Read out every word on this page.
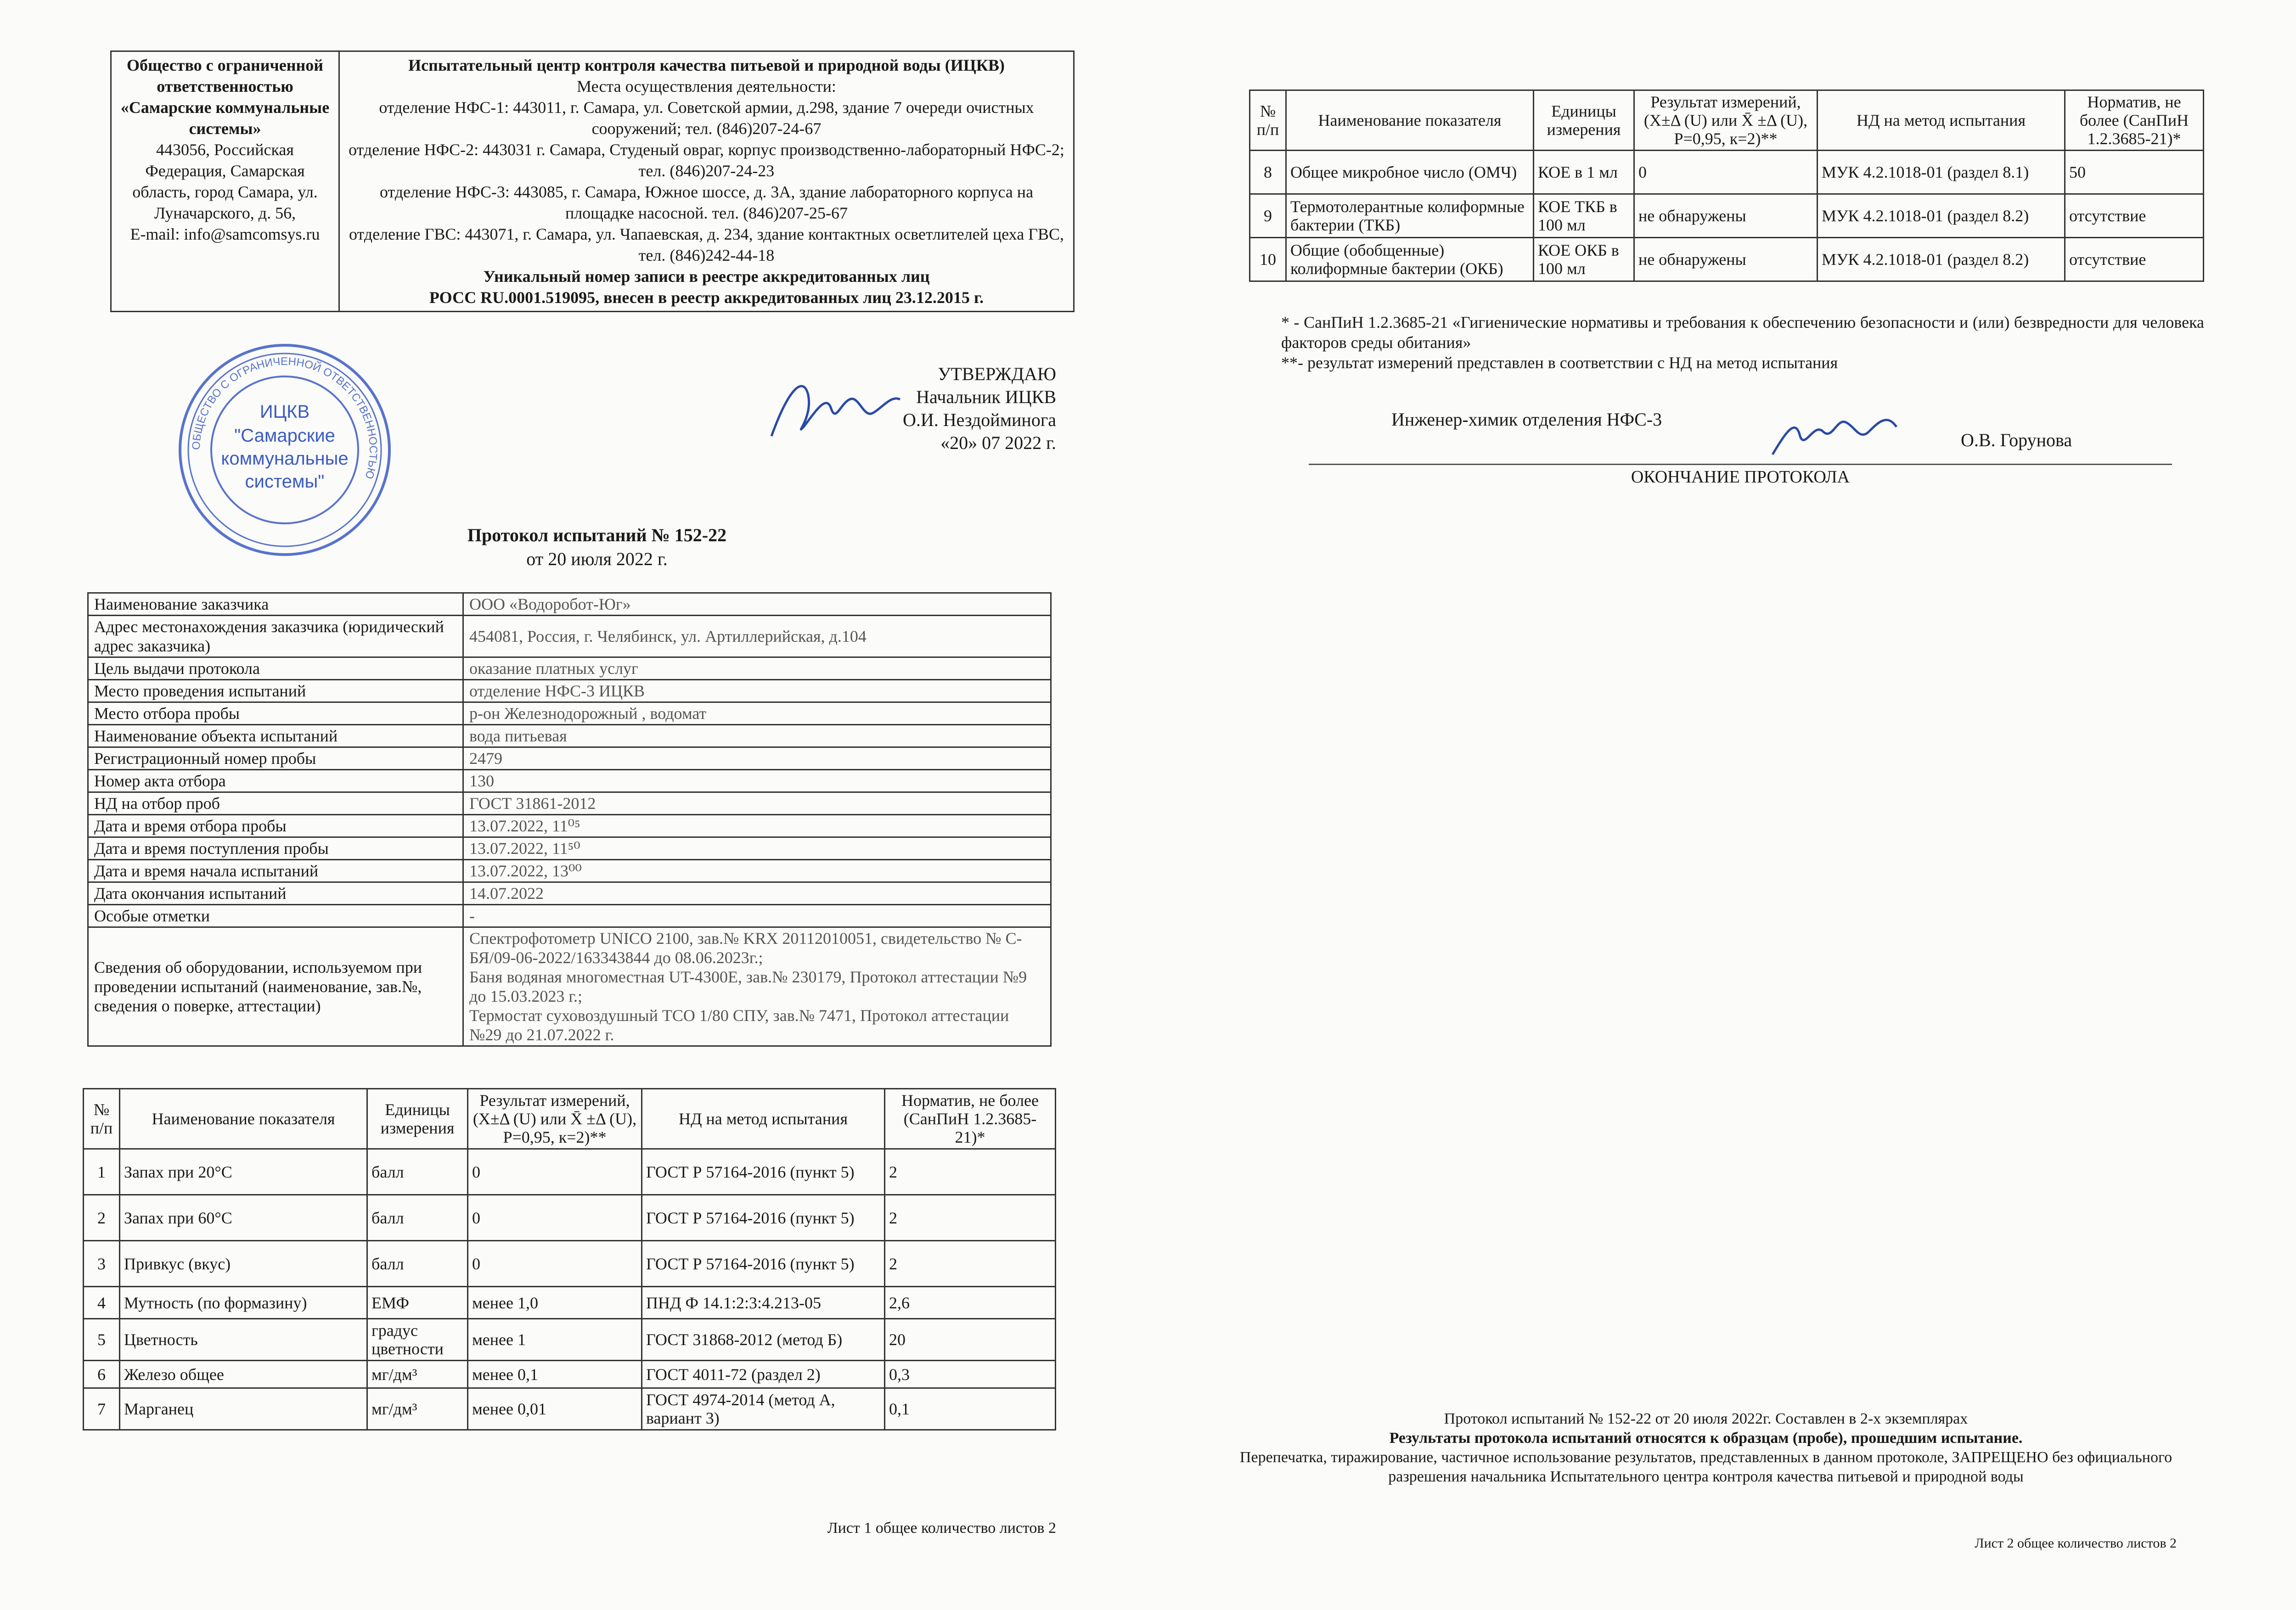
Общество с ограниченной ответственностью «Самарские коммунальные системы»
443056, Российская Федерация, Самарская область, город Самара, ул. Луначарского, д. 56,
E-mail: info@samcomsys.ru

Испытательный центр контроля качества питьевой и природной воды (ИЦКВ)
Места осуществления деятельности:
отделение НФС-1: 443011, г. Самара, ул. Советской армии, д.298, здание 7 очереди очистных сооружений; тел. (846)207-24-67
отделение НФС-2: 443031 г. Самара, Студеный овраг, корпус производственно-лабораторный НФС-2; тел. (846)207-24-23
отделение НФС-3: 443085, г. Самара, Южное шоссе, д. 3А, здание лабораторного корпуса на площадке насосной. тел. (846)207-25-67
отделение ГВС: 443071, г. Самара, ул. Чапаевская, д. 234, здание контактных осветлителей цеха ГВС, тел. (846)242-44-18
Уникальный номер записи в реестре аккредитованных лиц
РОСС RU.0001.519095, внесен в реестр аккредитованных лиц 23.12.2015 г.
ОБЩЕСТВО С ОГРАНИЧЕННОЙ ОТВЕТСТВЕННОСТЬЮ
ИЦКВ
"Самарские
коммунальные
системы"
УТВЕРЖДАЮ
Начальник ИЦКВ
О.И. Нездойминога
«20» 07 2022 г.
Протокол испытаний № 152-22
от 20 июля 2022 г.
Наименование заказчика	ООО «Водоробот-Юг»
Адрес местонахождения заказчика (юридический адрес заказчика)	454081, Россия, г. Челябинск, ул. Артиллерийская, д.104
Цель выдачи протокола	оказание платных услуг
Место проведения испытаний	отделение НФС-3 ИЦКВ
Место отбора пробы	р-он Железнодорожный , водомат
Наименование объекта испытаний	вода питьевая
Регистрационный номер пробы	2479
Номер акта отбора	130
НД на отбор проб	ГОСТ 31861-2012
Дата и время отбора пробы	13.07.2022, 11⁰⁵
Дата и время поступления пробы	13.07.2022, 11⁵⁰
Дата и время начала испытаний	13.07.2022, 13⁰⁰
Дата окончания испытаний	14.07.2022
Особые отметки	-
Сведения об оборудовании, используемом при проведении испытаний (наименование, зав.№, сведения о поверке, аттестации)	Спектрофотометр UNICO 2100, зав.№ KRX 20112010051, свидетельство № С-БЯ/09-06-2022/163343844 до 08.06.2023г.;
Баня водяная многоместная UT-4300E, зав.№ 230179, Протокол аттестации №9 до 15.03.2023 г.;
Термостат суховоздушный ТСО 1/80 СПУ, зав.№ 7471, Протокол аттестации №29 до 21.07.2022 г.
№ п/п	Наименование показателя	Единицы измерения	Результат измерений, (X±Δ (U) или X̄ ±Δ (U), P=0,95, к=2)**	НД на метод испытания	Норматив, не более (СанПиН 1.2.3685-21)*
1	Запах при 20°С	балл	0	ГОСТ Р 57164-2016 (пункт 5)	2
2	Запах при 60°С	балл	0	ГОСТ Р 57164-2016 (пункт 5)	2
3	Привкус (вкус)	балл	0	ГОСТ Р 57164-2016 (пункт 5)	2
4	Мутность (по формазину)	ЕМФ	менее 1,0	ПНД Ф 14.1:2:3:4.213-05	2,6
5	Цветность	градус цветности	менее 1	ГОСТ 31868-2012 (метод Б)	20
6	Железо общее	мг/дм³	менее 0,1	ГОСТ 4011-72 (раздел 2)	0,3
7	Марганец	мг/дм³	менее 0,01	ГОСТ 4974-2014 (метод А, вариант 3)	0,1
Лист 1 общее количество листов 2
№ п/п	Наименование показателя	Единицы измерения	Результат измерений, (X±Δ (U) или X̄ ±Δ (U), P=0,95, к=2)**	НД на метод испытания	Норматив, не более (СанПиН 1.2.3685-21)*
8	Общее микробное число (ОМЧ)	КОЕ в 1 мл	0	МУК 4.2.1018-01 (раздел 8.1)	50
9	Термотолерантные колиформные бактерии (ТКБ)	КОЕ ТКБ в 100 мл	не обнаружены	МУК 4.2.1018-01 (раздел 8.2)	отсутствие
10	Общие (обобщенные) колиформные бактерии (ОКБ)	КОЕ ОКБ в 100 мл	не обнаружены	МУК 4.2.1018-01 (раздел 8.2)	отсутствие
* - СанПиН 1.2.3685-21 «Гигиенические нормативы и требования к обеспечению безопасности и (или) безвредности для человека факторов среды обитания»
**- результат измерений представлен в соответствии с НД на метод испытания
Инженер-химик отделения НФС-3
О.В. Горунова
ОКОНЧАНИЕ ПРОТОКОЛА
Протокол испытаний № 152-22 от 20 июля 2022г. Составлен в 2-х экземплярах
Результаты протокола испытаний относятся к образцам (пробе), прошедшим испытание.
Перепечатка, тиражирование, частичное использование результатов, представленных в данном протоколе, ЗАПРЕЩЕНО без официального разрешения начальника Испытательного центра контроля качества питьевой и природной воды
Лист 2 общее количество листов 2
